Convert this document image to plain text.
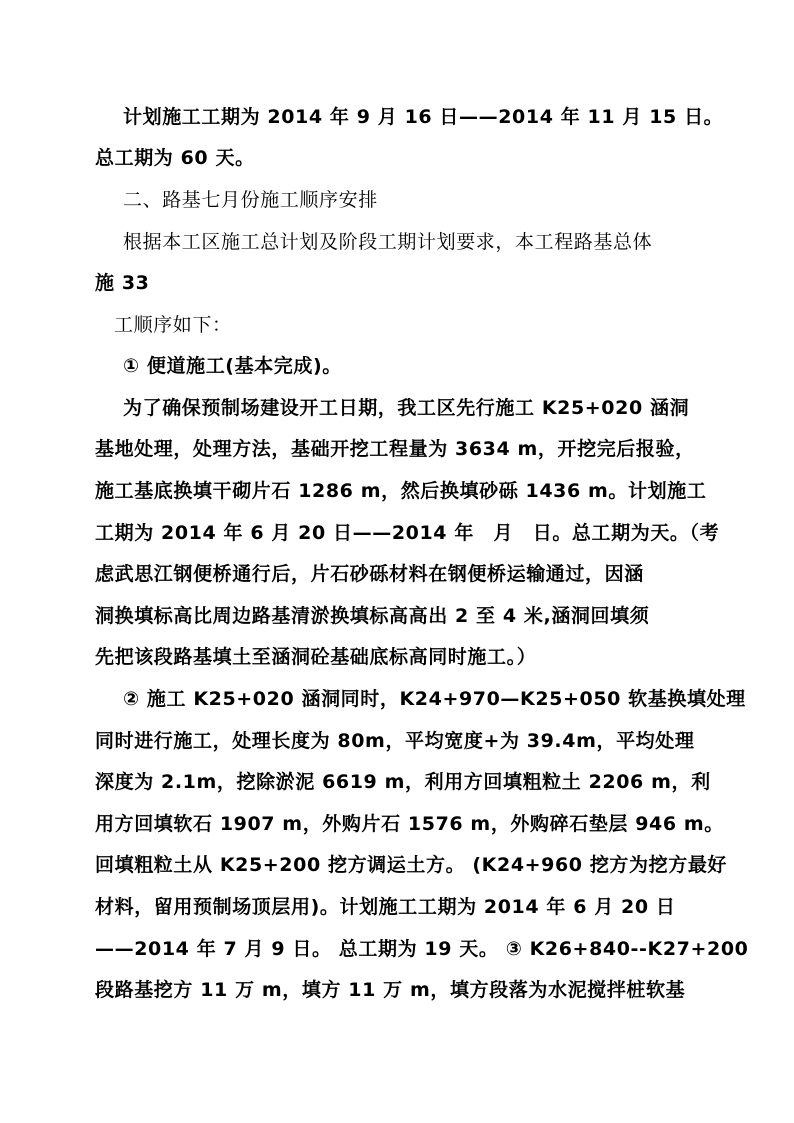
计划施工工期为 2014 年 9 月 16 日——2014 年 11 月 15 日。
总工期为 60 天。
二、路基七月份施工顺序安排
根据本工区施工总计划及阶段工期计划要求，本工程路基总体
施 33
工顺序如下：
① 便道施工(基本完成)。
为了确保预制场建设开工日期，我工区先行施工 K25+020 涵洞
基地处理，处理方法，基础开挖工程量为 3634 m，开挖完后报验，
施工基底换填干砌片石 1286 m，然后换填砂砾 1436 m。计划施工
工期为 2014 年 6 月 20 日——2014 年　月　日。总工期为天。（考
虑武思江钢便桥通行后，片石砂砾材料在钢便桥运输通过，因涵
洞换填标高比周边路基清淤换填标高高出 2 至 4 米,涵洞回填须
先把该段路基填土至涵洞砼基础底标高同时施工。）
② 施工 K25+020 涵洞同时，K24+970—K25+050 软基换填处理
同时进行施工，处理长度为 80m，平均宽度+为 39.4m，平均处理
深度为 2.1m，挖除淤泥 6619 m，利用方回填粗粒土 2206 m，利
用方回填软石 1907 m，外购片石 1576 m，外购碎石垫层 946 m。
回填粗粒土从 K25+200 挖方调运土方。 (K24+960 挖方为挖方最好
材料，留用预制场顶层用)。计划施工工期为 2014 年 6 月 20 日
——2014 年 7 月 9 日。 总工期为 19 天。 ③ K26+840--K27+200
段路基挖方 11 万 m，填方 11 万 m，填方段落为水泥搅拌桩软基
